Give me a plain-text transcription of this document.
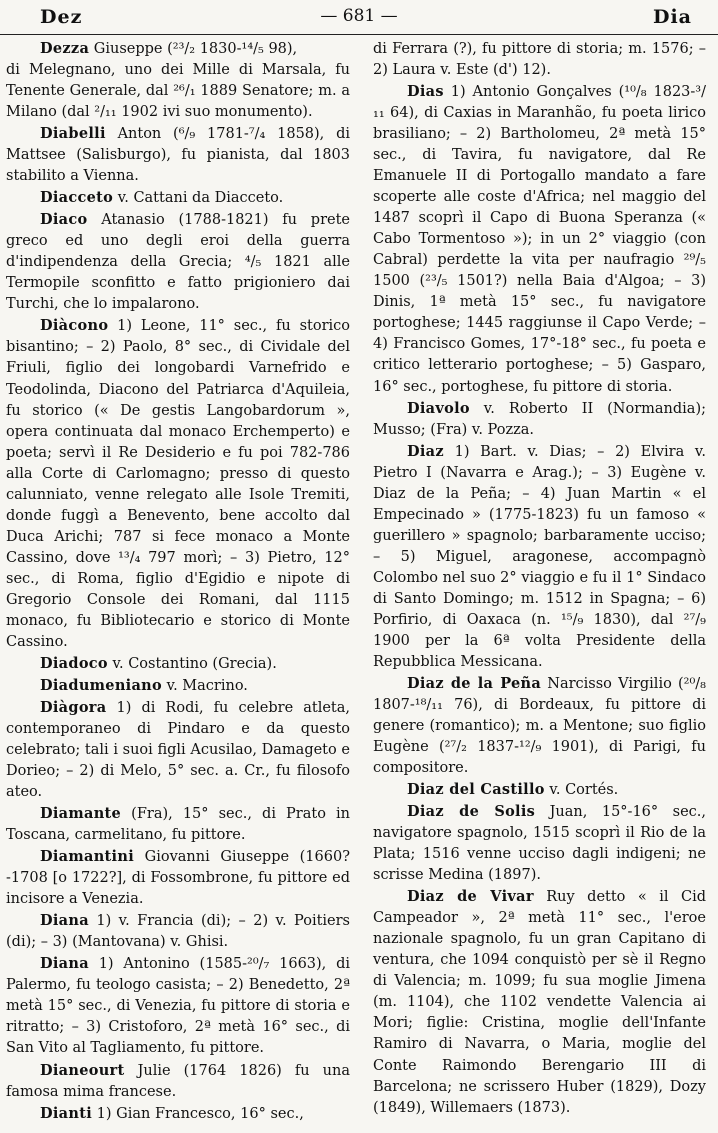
Dez	— 681 —	Dia

Dezza Giuseppe (²³/₂ 1830-¹⁴/₅ 98),
di Melegnano, uno dei Mille di Marsala, fu Tenente Generale, dal ²⁶/₁ 1889 Senatore; m. a Milano (dal ²/₁₁ 1902 ivi suo monumento).

Diabelli Anton (⁶/₉ 1781-⁷/₄ 1858), di Mattsee (Salisburgo), fu pianista, dal 1803 stabilito a Vienna.

Diacceto v. Cattani da Diacceto.

Diaco Atanasio (1788-1821) fu prete greco ed uno degli eroi della guerra d'indipendenza della Grecia; ⁴/₅ 1821 alle Termopile sconfitto e fatto prigioniero dai Turchi, che lo impalarono.

Diàcono 1) Leone, 11° sec., fu storico bisantino; – 2) Paolo, 8° sec., di Cividale del Friuli, figlio dei longobardi Varnefrido e Teodolinda, Diacono del Patriarca d'Aquileia, fu storico (« De gestis Langobardorum », opera continuata dal monaco Erchemperto) e poeta; servì il Re Desiderio e fu poi 782-786 alla Corte di Carlomagno; presso di questo calunniato, venne relegato alle Isole Tremiti, donde fuggì a Benevento, bene accolto dal Duca Arichi; 787 si fece monaco a Monte Cassino, dove ¹³/₄ 797 morì; – 3) Pietro, 12° sec., di Roma, figlio d'Egidio e nipote di Gregorio Console dei Romani, dal 1115 monaco, fu Bibliotecario e storico di Monte Cassino.

Diadoco v. Costantino (Grecia).

Diadumeniano v. Macrino.

Diàgora 1) di Rodi, fu celebre atleta, contemporaneo di Pindaro e da questo celebrato; tali i suoi figli Acusilao, Damageto e Dorieo; – 2) di Melo, 5° sec. a. Cr., fu filosofo ateo.

Diamante (Fra), 15° sec., di Prato in Toscana, carmelitano, fu pittore.

Diamantini Giovanni Giuseppe (1660?-1708 [o 1722?], di Fossombrone, fu pittore ed incisore a Venezia.

Diana 1) v. Francia (di); – 2) v. Poitiers (di); – 3) (Mantovana) v. Ghisi.

Diana 1) Antonino (1585-²⁰/₇ 1663), di Palermo, fu teologo casista; – 2) Benedetto, 2ª metà 15° sec., di Venezia, fu pittore di storia e ritratto; – 3) Cristoforo, 2ª metà 16° sec., di San Vito al Tagliamento, fu pittore.

Dianeourt Julie (1764 1826) fu una famosa mima francese.

Dianti 1) Gian Francesco, 16° sec.,

di Ferrara (?), fu pittore di storia; m. 1576; – 2) Laura v. Este (d') 12).

Dias 1) Antonio Gonçalves (¹⁰/₈ 1823-³/₁₁ 64), di Caxias in Maranhão, fu poeta lirico brasiliano; – 2) Bartholomeu, 2ª metà 15° sec., di Tavira, fu navigatore, dal Re Emanuele II di Portogallo mandato a fare scoperte alle coste d'Africa; nel maggio del 1487 scoprì il Capo di Buona Speranza (« Cabo Tormentoso »); in un 2° viaggio (con Cabral) perdette la vita per naufragio ²⁹/₅ 1500 (²³/₅ 1501?) nella Baia d'Algoa; – 3) Dinis, 1ª metà 15° sec., fu navigatore portoghese; 1445 raggiunse il Capo Verde; – 4) Francisco Gomes, 17°-18° sec., fu poeta e critico letterario portoghese; – 5) Gasparo, 16° sec., portoghese, fu pittore di storia.

Diavolo v. Roberto II (Normandia); Musso; (Fra) v. Pozza.

Diaz 1) Bart. v. Dias; – 2) Elvira v. Pietro I (Navarra e Arag.); – 3) Eugène v. Diaz de la Peña; – 4) Juan Martin « el Empecinado » (1775-1823) fu un famoso « guerillero » spagnolo; barbaramente ucciso; – 5) Miguel, aragonese, accompagnò Colombo nel suo 2° viaggio e fu il 1° Sindaco di Santo Domingo; m. 1512 in Spagna; – 6) Porfirio, di Oaxaca (n. ¹⁵/₉ 1830), dal ²⁷/₉ 1900 per la 6ª volta Presidente della Repubblica Messicana.

Diaz de la Peña Narcisso Virgilio (²⁰/₈ 1807-¹⁸/₁₁ 76), di Bordeaux, fu pittore di genere (romantico); m. a Mentone; suo figlio Eugène (²⁷/₂ 1837-¹²/₉ 1901), di Parigi, fu compositore.

Diaz del Castillo v. Cortés.

Diaz de Solis Juan, 15°-16° sec., navigatore spagnolo, 1515 scoprì il Rio de la Plata; 1516 venne ucciso dagli indigeni; ne scrisse Medina (1897).

Diaz de Vivar Ruy detto « il Cid Campeador », 2ª metà 11° sec., l'eroe nazionale spagnolo, fu un gran Capitano di ventura, che 1094 conquistò per sè il Regno di Valencia; m. 1099; fu sua moglie Jimena (m. 1104), che 1102 vendette Valencia ai Mori; figlie: Cristina, moglie dell'Infante Ramiro di Navarra, o Maria, moglie del Conte Raimondo Berengario III di Barcelona; ne scrissero Huber (1829), Dozy (1849), Willemaers (1873).
